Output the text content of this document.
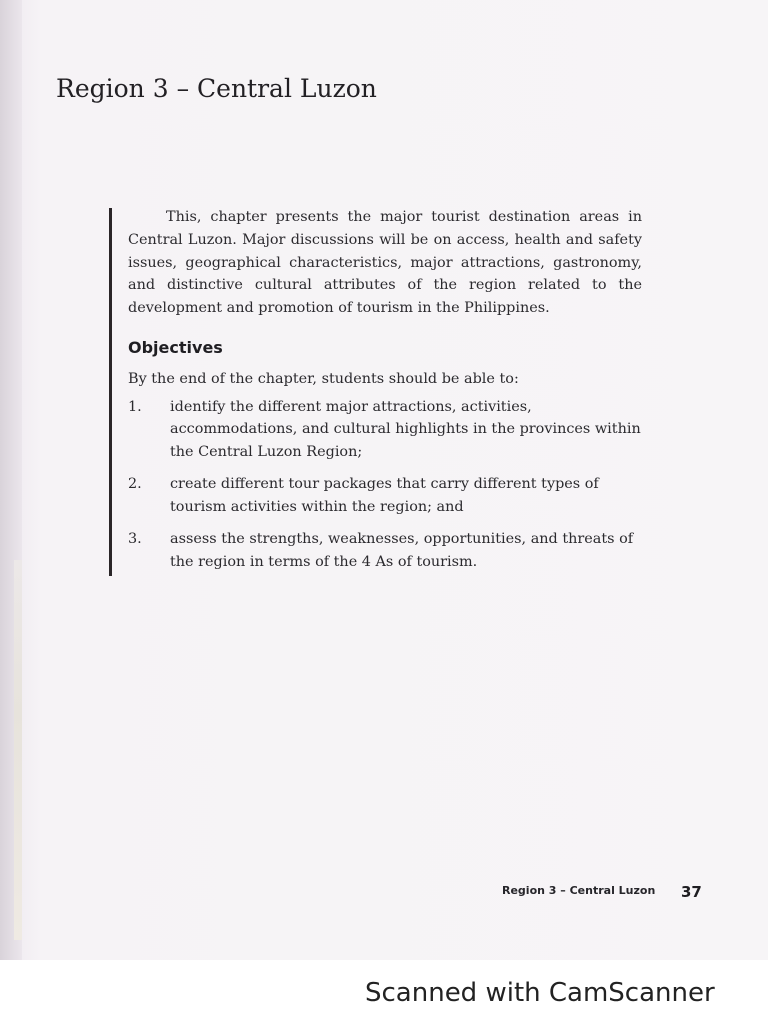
Region 3 – Central Luzon

This, chapter presents the major tourist destination areas in Central Luzon. Major discussions will be on access, health and safety issues, geographical characteristics, major attractions, gastronomy, and distinctive cultural attributes of the region related to the development and promotion of tourism in the Philippines.

Objectives

By the end of the chapter, students should be able to:

1.	identify the different major attractions, activities, accommodations, and cultural highlights in the provinces within the Central Luzon Region;
2.	create different tour packages that carry different types of tourism activities within the region; and
3.	assess the strengths, weaknesses, opportunities, and threats of the region in terms of the 4 As of tourism.
Region 3 – Central Luzon 37
Scanned with CamScanner
